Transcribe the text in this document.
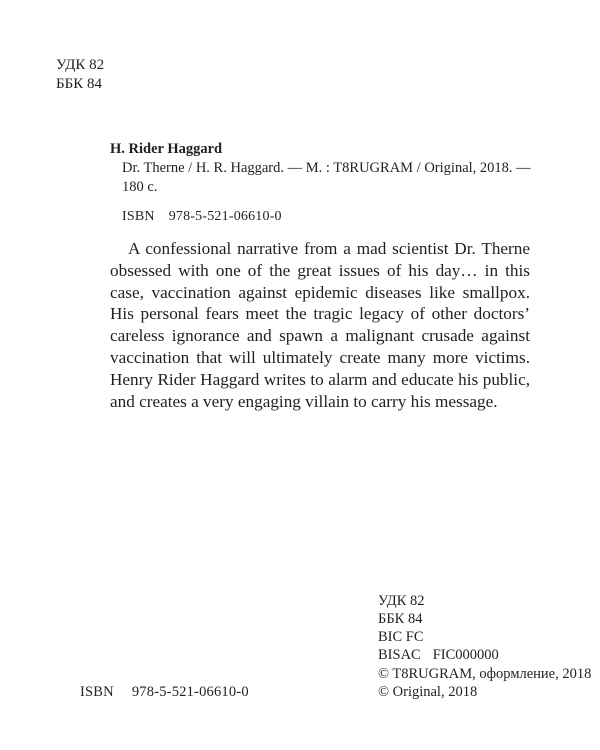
УДК 82
ББК 84
H. Rider Haggard
Dr. Therne / H. R. Haggard. — M. : T8RUGRAM / Original, 2018. — 180 c.
ISBN 978-5-521-06610-0

A confessional narrative from a mad scientist Dr. Therne obsessed with one of the great issues of his day… in this case, vaccination against epidemic diseases like smallpox. His personal fears meet the tragic legacy of other doctors’ careless ignorance and spawn a malignant crusade against vaccination that will ultimately create many more victims. Henry Rider Haggard writes to alarm and educate his public, and creates a very engaging villain to carry his message.

УДК 82
ББК 84
BIC FC
BISAC FIC000000
© T8RUGRAM, оформление, 2018
© Original, 2018
ISBN 978-5-521-06610-0
